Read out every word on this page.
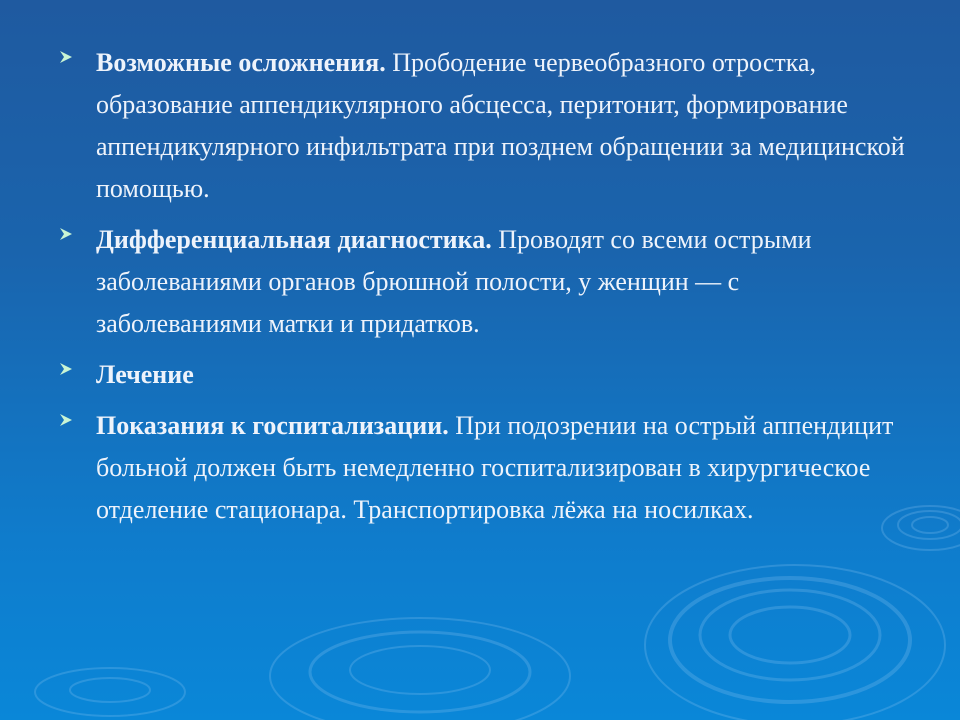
Возможные осложнения. Прободение червеобразного отростка, образование аппендикулярного абсцесса, перитонит, формирование аппендикулярного инфильтрата при позднем обращении за медицинской помощью.
Дифференциальная диагностика. Проводят со всеми острыми заболеваниями органов брюшной полости, у женщин — с заболеваниями матки и придатков.
Лечение
Показания к госпитализации. При подозрении на острый аппендицит больной должен быть немедленно госпитализирован в хирургическое отделение стационара. Транспортировка лёжа на носилках.
